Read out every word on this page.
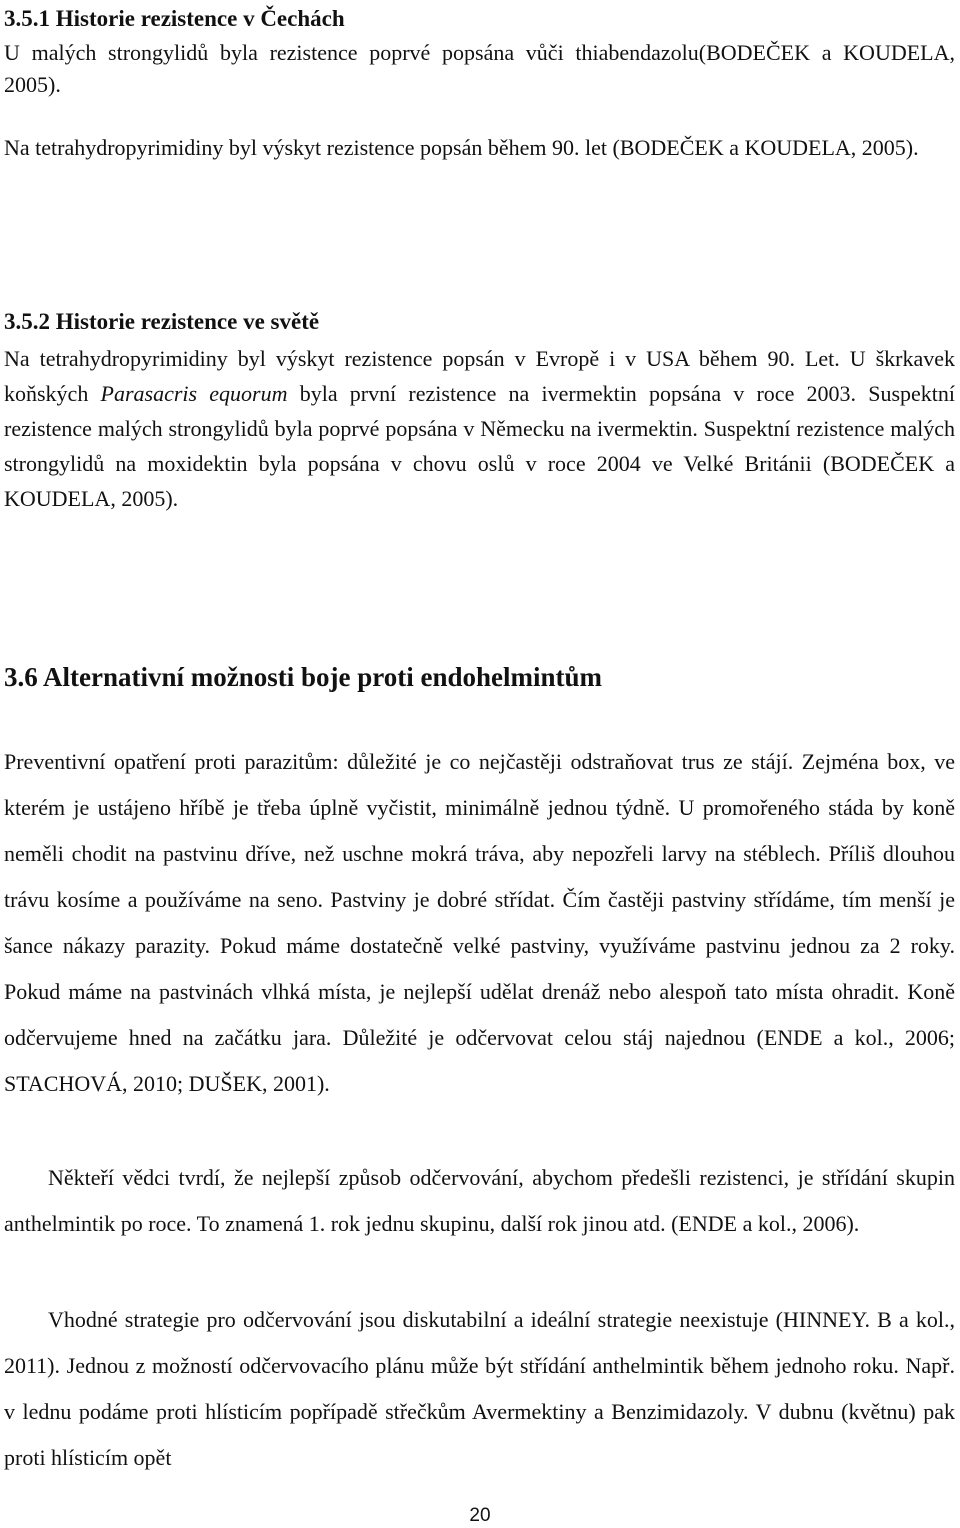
3.5.1 Historie rezistence v Čechách

U malých strongylidů byla rezistence poprvé popsána vůči thiabendazolu(BODEČEK a KOUDELA, 2005).

Na tetrahydropyrimidiny byl výskyt rezistence popsán během 90. let (BODEČEK a KOUDELA, 2005).

3.5.2 Historie rezistence ve světě

Na tetrahydropyrimidiny byl výskyt rezistence popsán v Evropě i v USA během 90. Let. U škrkavek koňských Parasacris equorum byla první rezistence na ivermektin popsána v roce 2003. Suspektní rezistence malých strongylidů byla poprvé popsána v Německu na ivermektin. Suspektní rezistence malých strongylidů na moxidektin byla popsána v chovu oslů v roce 2004 ve Velké Británii (BODEČEK a KOUDELA, 2005).

3.6 Alternativní možnosti boje proti endohelmintům

Preventivní opatření proti parazitům: důležité je co nejčastěji odstraňovat trus ze stájí. Zejména box, ve kterém je ustájeno hříbě je třeba úplně vyčistit, minimálně jednou týdně. U promořeného stáda by koně neměli chodit na pastvinu dříve, než uschne mokrá tráva, aby nepozřeli larvy na stéblech. Příliš dlouhou trávu kosíme a používáme na seno. Pastviny je dobré střídat. Čím častěji pastviny střídáme, tím menší je šance nákazy parazity. Pokud máme dostatečně velké pastviny, využíváme pastvinu jednou za 2 roky. Pokud máme na pastvinách vlhká místa, je nejlepší udělat drenáž nebo alespoň tato místa ohradit. Koně odčervujeme hned na začátku jara. Důležité je odčervovat celou stáj najednou (ENDE a kol., 2006; STACHOVÁ, 2010; DUŠEK, 2001).

Někteří vědci tvrdí, že nejlepší způsob odčervování, abychom předešli rezistenci, je střídání skupin anthelmintik po roce. To znamená 1. rok jednu skupinu, další rok jinou atd. (ENDE a kol., 2006).

Vhodné strategie pro odčervování jsou diskutabilní a ideální strategie neexistuje (HINNEY. B a kol., 2011). Jednou z možností odčervovacího plánu může být střídání anthelmintik během jednoho roku. Např. v lednu podáme proti hlísticím popřípadě střečkům Avermektiny a Benzimidazoly. V dubnu (květnu) pak proti hlísticím opět

20
